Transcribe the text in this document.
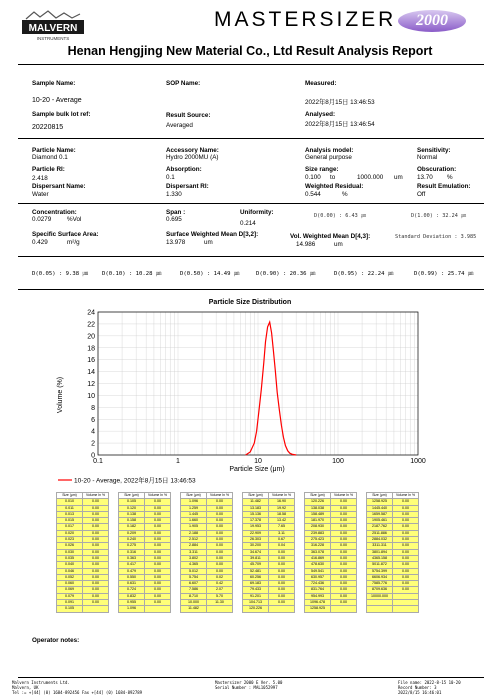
MALVERN
INSTRUMENTS
MASTERSIZER	2000
Henan Hengjing New Material Co., Ltd Result Analysis Report
Sample Name:	SOP Name:	Measured:
10-20 - Average	2022年8月15日 13:46:53
Sample bulk lot ref:	Result Source:	Analysed:
20220815	Averaged	2022年8月15日 13:46:54
Particle Name:
Diamond 0.1
Accessory Name:
Hydro 2000MU (A)
Analysis model:
General purpose
Sensitivity:
Normal
Particle RI:
2.418
Absorption:
0.1
Size range:
0.100 to	1000.000 um
Obscuration:
13.70 %
Dispersant Name:
Water
Dispersant RI:
1.330
Weighted Residual:
0.544	%
Result Emulation:
Off
Concentration:
0.0279 %Vol
Span :
0.695
Uniformity:
0.214
D(0.00) : 6.43 ㎛	D(1.00) : 32.24 ㎛
Specific Surface Area:
0.429	m²/g
Surface Weighted Mean D[3,2]:
13.978	um
Vol. Weighted Mean D[4,3]:
14.986	um
Standard Deviation : 3.985
D(0.05) : 9.38 ㎛ D(0.10) : 10.28 ㎛	D(0.50) : 14.49 ㎛	D(0.90) : 20.36 ㎛	D(0.95) : 22.24 ㎛	D(0.99) : 25.74 ㎛
Particle Size Distribution
0
2
4
6
8
10
12
14
16
18
20
22
24
0.1	1	10	100	1000
Volume (%)
Particle Size (μm)
10-20 - Average, 2022年8月15日 13:46:53
Size (μm)	Volume In %
0.010	0.00
0.011	0.00
0.013	0.00
0.015	0.00
0.017	0.00
0.020	0.00
0.023	0.00
0.026	0.00
0.030	0.00
0.035	0.00
0.040	0.00
0.046	0.00
0.052	0.00
0.060	0.00
0.069	0.00
0.079	0.00
0.091	0.00
0.105	
Size (μm)	Volume In %
0.105	0.00
0.120	0.00
0.138	0.00
0.158	0.00
0.182	0.00
0.209	0.00
0.240	0.00
0.275	0.00
0.316	0.00
0.363	0.00
0.417	0.00
0.479	0.00
0.550	0.00
0.631	0.00
0.724	0.00
0.832	0.00
0.955	0.00
1.096	
Size (μm)	Volume In %
1.096	0.00
1.259	0.00
1.445	0.00
1.660	0.00
1.905	0.00
2.188	0.00
2.512	0.00
2.884	0.00
3.311	0.00
3.802	0.00
4.365	0.00
5.012	0.00
5.754	0.02
6.607	0.42
7.586	2.07
8.710	5.70
10.000	11.30
11.482	
Size (μm)	Volume In %
11.482	16.90
13.183	19.92
15.136	18.58
17.378	13.42
19.953	7.65
22.909	3.11
26.303	0.67
30.200	0.04
34.674	0.00
39.811	0.00
45.709	0.00
52.481	0.00
60.256	0.00
69.183	0.00
79.433	0.00
91.201	0.00
104.713	0.00
120.226	
Size (μm)	Volume In %
120.226	0.00
138.038	0.00
158.489	0.00
181.970	0.00
208.930	0.00
239.883	0.00
275.423	0.00
316.228	0.00
363.078	0.00
416.869	0.00
478.630	0.00
549.541	0.00
630.957	0.00
724.436	0.00
831.764	0.00
954.993	0.00
1096.478	0.00
1258.925	
Size (μm)	Volume In %
1258.925	0.00
1445.440	0.00
1659.587	0.00
1905.461	0.00
2187.762	0.00
2511.886	0.00
2884.032	0.00
3311.311	0.00
3801.894	0.00
4365.158	0.00
5011.872	0.00
5754.399	0.00
6606.934	0.00
7585.776	0.00
8709.636	0.00
10000.000	

Operator notes:
Malvern Instruments Ltd.
Malvern, UK
Tel := +[44] (0) 1684-892456 Fax +[44] (0) 1684-892789
Mastersizer 2000 E Ver. 5.00
Serial Number : MAL1052997
File name: 2022-8-15 10-20
Record Number: 3
2022/8/15 16:46:01
